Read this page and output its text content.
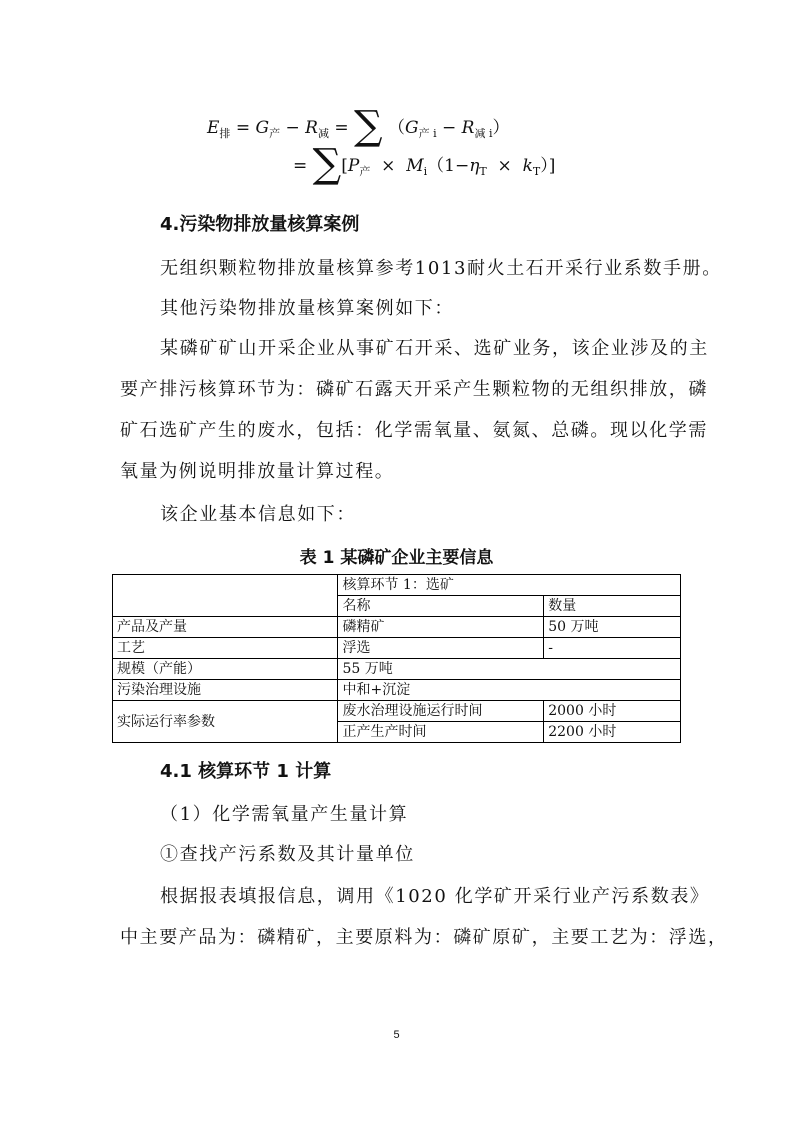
$E_排 = G_产 - R_减$ = ∑ $(G_{产 i} - R_{减 i})$
= $\sum[P_产 \times M_i(1-\eta_T \times k_T)]$
4.污染物排放量核算案例
无组织颗粒物排放量核算参考1013耐火土石开采行业系数手册。
其他污染物排放量核算案例如下：
某磷矿矿山开采企业从事矿石开采、选矿业务，该企业涉及的主
要产排污核算环节为：磷矿石露天开采产生颗粒物的无组织排放，磷
矿石选矿产生的废水，包括：化学需氧量、氨氮、总磷。现以化学需
氧量为例说明排放量计算过程。
该企业基本信息如下：
表 1 某磷矿企业主要信息
	核算环节 1：选矿	
	名称	数量
产品及产量	磷精矿	50 万吨
工艺	浮选	-
规模（产能）	55 万吨	
污染治理设施	中和+沉淀	
实际运行率参数	废水治理设施运行时间	2000 小时
	正产生产时间	2200 小时
4.1 核算环节 1 计算
（1）化学需氧量产生量计算
①查找产污系数及其计量单位
根据报表填报信息，调用《1020 化学矿开采行业产污系数表》
中主要产品为：磷精矿，主要原料为：磷矿原矿，主要工艺为：浮选，
5
